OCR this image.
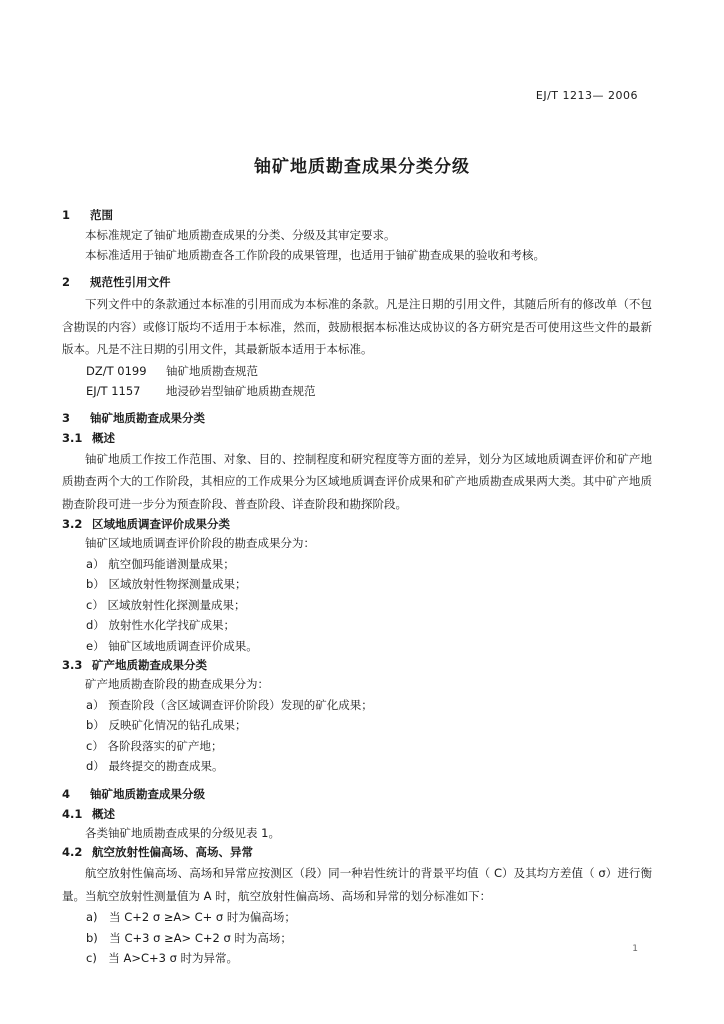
EJ/T 1213— 2006
铀矿地质勘查成果分类分级
1 范围
本标准规定了铀矿地质勘查成果的分类、分级及其审定要求。
本标准适用于铀矿地质勘查各工作阶段的成果管理，也适用于铀矿勘查成果的验收和考核。
2 规范性引用文件
下列文件中的条款通过本标准的引用而成为本标准的条款。凡是注日期的引用文件，其随后所有的修改单（不包含勘误的内容）或修订版均不适用于本标准，然而，鼓励根据本标准达成协议的各方研究是否可使用这些文件的最新版本。凡是不注日期的引用文件，其最新版本适用于本标准。
DZ/T 0199 铀矿地质勘查规范
EJ/T 1157 地浸砂岩型铀矿地质勘查规范
3 铀矿地质勘查成果分类
3.1 概述
铀矿地质工作按工作范围、对象、目的、控制程度和研究程度等方面的差异，划分为区域地质调查评价和矿产地质勘查两个大的工作阶段，其相应的工作成果分为区域地质调查评价成果和矿产地质勘查成果两大类。其中矿产地质勘查阶段可进一步分为预查阶段、普查阶段、详查阶段和勘探阶段。
3.2 区域地质调查评价成果分类
铀矿区域地质调查评价阶段的勘查成果分为：
a） 航空伽玛能谱测量成果；
b） 区域放射性物探测量成果；
c） 区域放射性化探测量成果；
d） 放射性水化学找矿成果；
e） 铀矿区域地质调查评价成果。
3.3 矿产地质勘查成果分类
矿产地质勘查阶段的勘查成果分为：
a） 预查阶段（含区域调查评价阶段）发现的矿化成果；
b） 反映矿化情况的钻孔成果；
c） 各阶段落实的矿产地；
d） 最终提交的勘查成果。
4 铀矿地质勘查成果分级
4.1 概述
各类铀矿地质勘查成果的分级见表 1。
4.2 航空放射性偏高场、高场、异常
航空放射性偏高场、高场和异常应按测区（段）同一种岩性统计的背景平均值（ C）及其均方差值（ σ）进行衡量。当航空放射性测量值为 A 时，航空放射性偏高场、高场和异常的划分标准如下：
a)　当 C+2 σ ≥A> C+ σ 时为偏高场；
b)　当 C+3 σ ≥A> C+2 σ 时为高场；
c)　当 A>C+3 σ 时为异常。
1
